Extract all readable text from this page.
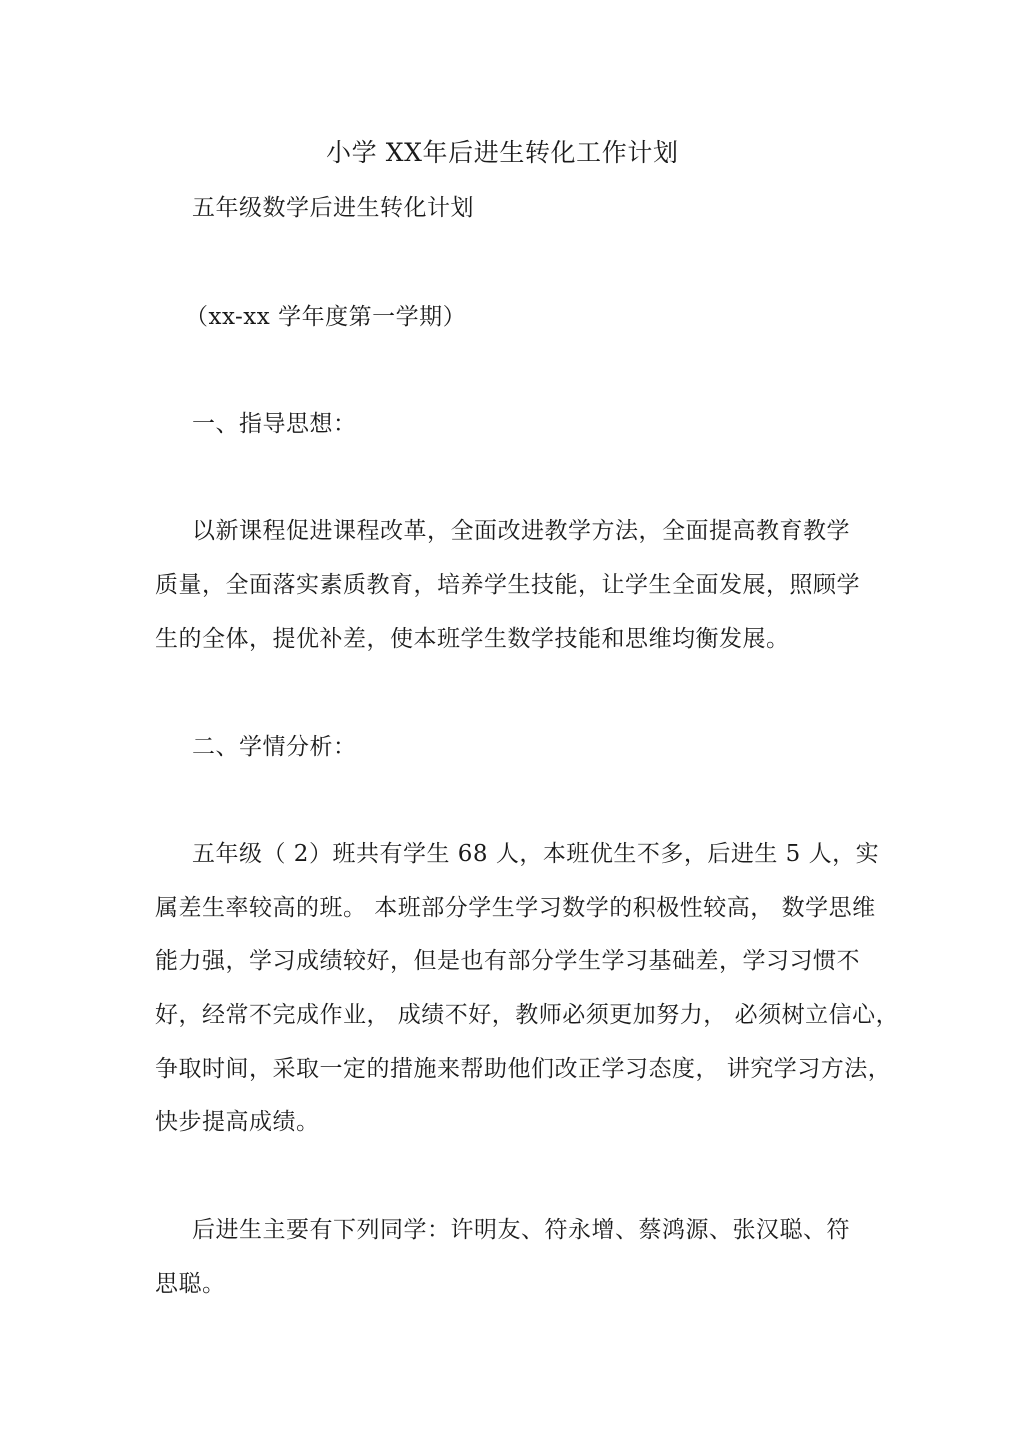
小学 XX年后进生转化工作计划
五年级数学后进生转化计划
（xx-xx 学年度第一学期）
一、指导思想：
以新课程促进课程改革，全面改进教学方法，全面提高教育教学
质量，全面落实素质教育，培养学生技能，让学生全面发展，照顾学
生的全体，提优补差，使本班学生数学技能和思维均衡发展。
二、学情分析：
五年级（ 2）班共有学生 68 人，本班优生不多，后进生 5 人，实
属差生率较高的班。 本班部分学生学习数学的积极性较高， 数学思维
能力强，学习成绩较好，但是也有部分学生学习基础差，学习习惯不
好，经常不完成作业， 成绩不好，教师必须更加努力， 必须树立信心，
争取时间，采取一定的措施来帮助他们改正学习态度， 讲究学习方法，
快步提高成绩。
后进生主要有下列同学：许明友、符永增、蔡鸿源、张汉聪、符
思聪。
